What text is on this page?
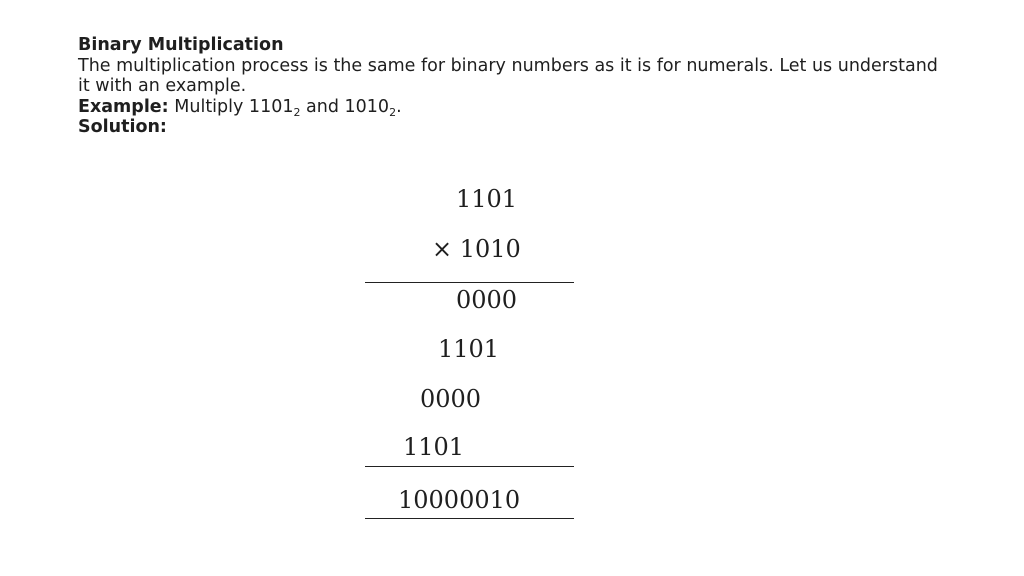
Binary Multiplication

The multiplication process is the same for binary numbers as it is for numerals. Let us understand it with an example.

Example: Multiply $1101_2$ and $1010_2$.

Solution:

1101
× 1010
0000
1101
0000
1101
10000010
